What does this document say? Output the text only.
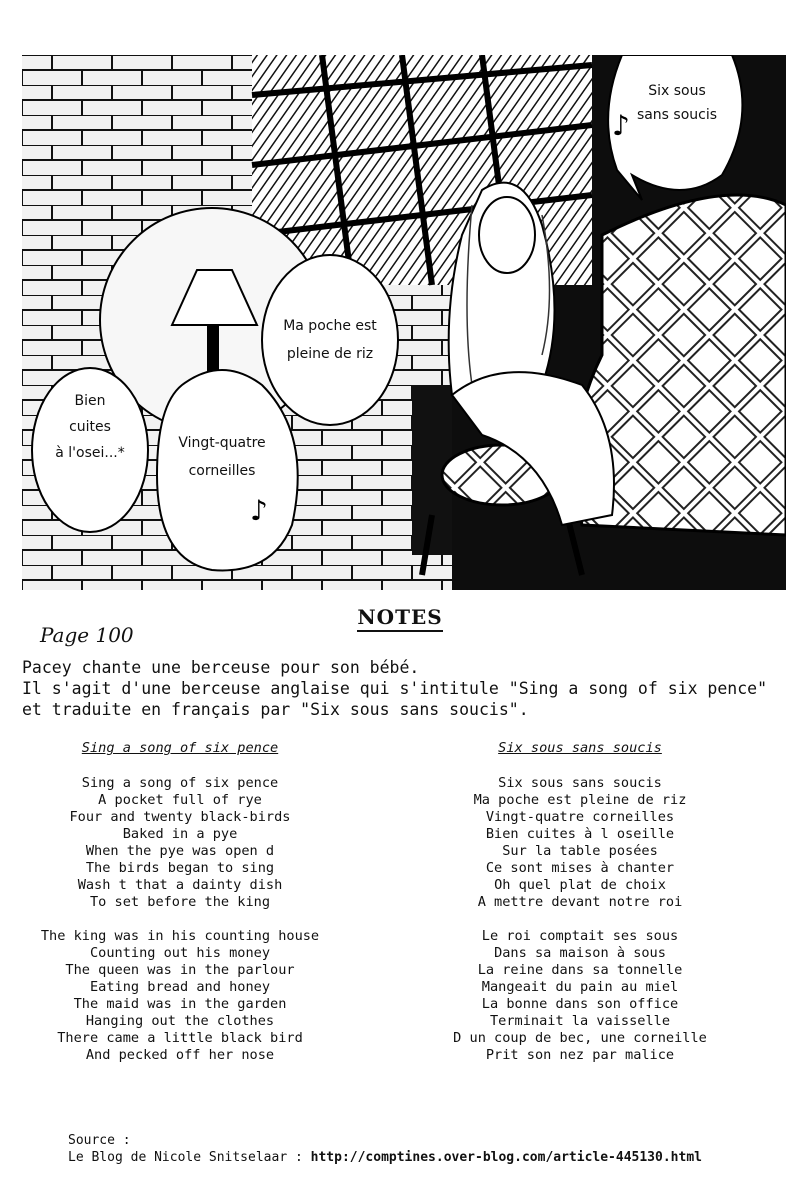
Six sous
sans soucis
♪
Ma poche est
pleine de riz
Bien
cuites
à l'osei...*
Vingt-quatre
corneilles
♪
NOTES
Page 100
Pacey chante une berceuse pour son bébé.
Il s'agit d'une berceuse anglaise qui s'intitule "Sing a song of six pence" et traduite en français par "Six sous sans soucis".
Sing a song of six pence
Sing a song of six pence
A pocket full of rye
Four and twenty black-birds
Baked in a pye
When the pye was open d
The birds began to sing
Wash t that a dainty dish
To set before the king
The king was in his counting house
Counting out his money
The queen was in the parlour
Eating bread and honey
The maid was in the garden
Hanging out the clothes
There came a little black bird
And pecked off her nose
Six sous sans soucis
Six sous sans soucis
Ma poche est pleine de riz
Vingt-quatre corneilles
Bien cuites à l oseille
Sur la table posées
Ce sont mises à chanter
Oh quel plat de choix
A mettre devant notre roi
Le roi comptait ses sous
Dans sa maison à sous
La reine dans sa tonnelle
Mangeait du pain au miel
La bonne dans son office
Terminait la vaisselle
D un coup de bec, une corneille
Prit son nez par malice
Source :
Le Blog de Nicole Snitselaar : http://comptines.over-blog.com/article-445130.html
